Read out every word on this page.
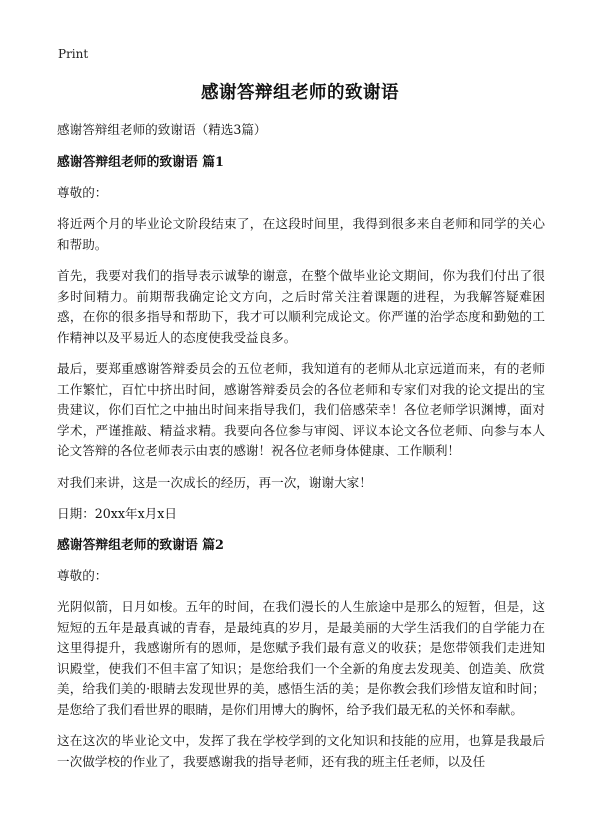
Print
感谢答辩组老师的致谢语

感谢答辩组老师的致谢语（精选3篇）

感谢答辩组老师的致谢语 篇1

尊敬的：

将近两个月的毕业论文阶段结束了，在这段时间里，我得到很多来自老师和同学的关心和帮助。

首先，我要对我们的指导表示诚挚的谢意，在整个做毕业论文期间，你为我们付出了很多时间精力。前期帮我确定论文方向，之后时常关注着课题的进程，为我解答疑难困惑，在你的很多指导和帮助下，我才可以顺利完成论文。你严谨的治学态度和勤勉的工作精神以及平易近人的态度使我受益良多。

最后，要郑重感谢答辩委员会的五位老师，我知道有的老师从北京远道而来，有的老师工作繁忙，百忙中挤出时间，感谢答辩委员会的各位老师和专家们对我的论文提出的宝贵建议，你们百忙之中抽出时间来指导我们，我们倍感荣幸！各位老师学识渊博，面对学术，严谨推敲、精益求精。我要向各位参与审阅、评议本论文各位老师、向参与本人论文答辩的各位老师表示由衷的感谢！祝各位老师身体健康、工作顺利！

对我们来讲，这是一次成长的经历，再一次，谢谢大家！

日期：20xx年x月x日

感谢答辩组老师的致谢语 篇2

尊敬的：

光阴似箭，日月如梭。五年的时间，在我们漫长的人生旅途中是那么的短暂，但是，这短短的五年是最真诚的青春，是最纯真的岁月，是最美丽的大学生活我们的自学能力在这里得提升，我感谢所有的恩师，是您赋予我们最有意义的收获；是您带领我们走进知识殿堂，使我们不但丰富了知识；是您给我们一个全新的角度去发现美、创造美、欣赏美，给我们美的·眼睛去发现世界的美，感悟生活的美；是你教会我们珍惜友谊和时间；是您给了我们看世界的眼睛，是你们用博大的胸怀，给予我们最无私的关怀和奉献。

这在这次的毕业论文中，发挥了我在学校学到的文化知识和技能的应用，也算是我最后一次做学校的作业了，我要感谢我的指导老师，还有我的班主任老师，以及任
